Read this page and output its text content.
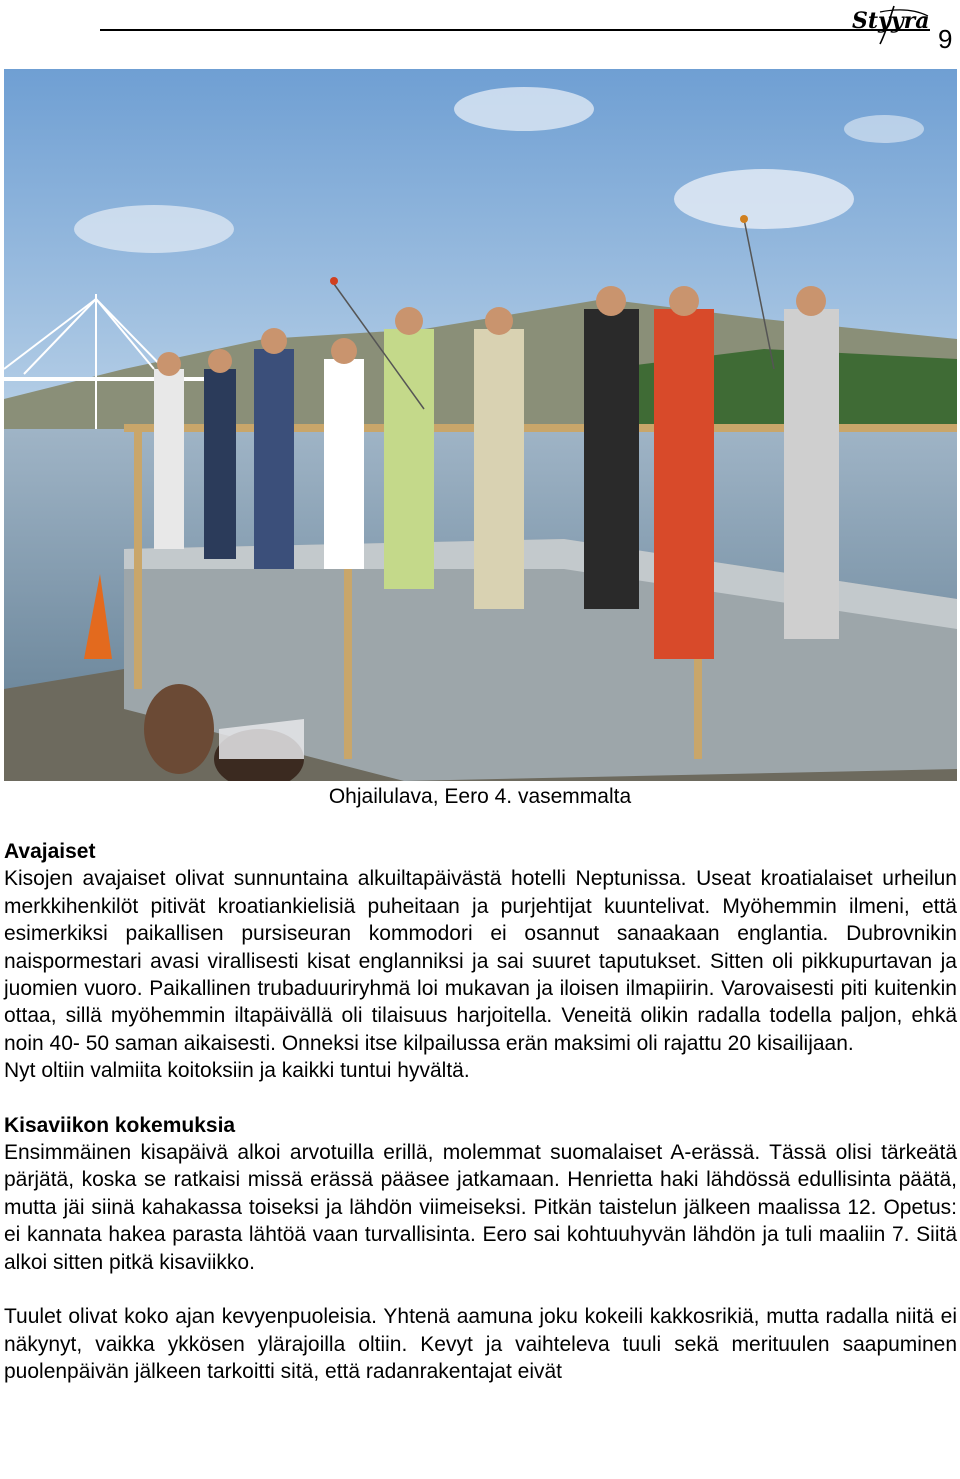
Styyra
9
Ohjailulava, Eero 4. vasemmalta
Avajaiset

Kisojen avajaiset olivat sunnuntaina alkuiltapäivästä hotelli Neptunissa. Useat kroatialaiset urheilun merkkihenkilöt pitivät kroatiankielisiä puheitaan ja purjehtijat kuuntelivat. Myöhemmin ilmeni, että esimerkiksi paikallisen pursiseuran kommodori ei osannut sanaakaan englantia. Dubrovnikin naispormestari avasi virallisesti kisat englanniksi ja sai suuret taputukset. Sitten oli pikkupurtavan ja juomien vuoro. Paikallinen trubaduuriryhmä loi mukavan ja iloisen ilmapiirin. Varovaisesti piti kuitenkin ottaa, sillä myöhemmin iltapäivällä oli tilaisuus harjoitella. Veneitä olikin radalla todella paljon, ehkä noin 40- 50 saman aikaisesti. Onneksi itse kilpailussa erän maksimi oli rajattu 20 kisailijaan.

Nyt oltiin valmiita koitoksiin ja kaikki tuntui hyvältä.

Kisaviikon kokemuksia

Ensimmäinen kisapäivä alkoi arvotuilla erillä, molemmat suomalaiset A-erässä. Tässä olisi tärkeätä pärjätä, koska se ratkaisi missä erässä pääsee jatkamaan. Henrietta haki lähdössä edullisinta päätä, mutta jäi siinä kahakassa toiseksi ja lähdön viimeiseksi. Pitkän taistelun jälkeen maalissa 12. Opetus: ei kannata hakea parasta lähtöä vaan turvallisinta. Eero sai kohtuuhyvän lähdön ja tuli maaliin 7. Siitä alkoi sitten pitkä kisaviikko.

Tuulet olivat koko ajan kevyenpuoleisia. Yhtenä aamuna joku kokeili kakkosrikiä, mutta radalla niitä ei näkynyt, vaikka ykkösen ylärajoilla oltiin. Kevyt ja vaihteleva tuuli sekä merituulen saapuminen puolenpäivän jälkeen tarkoitti sitä, että radanrakentajat eivät
